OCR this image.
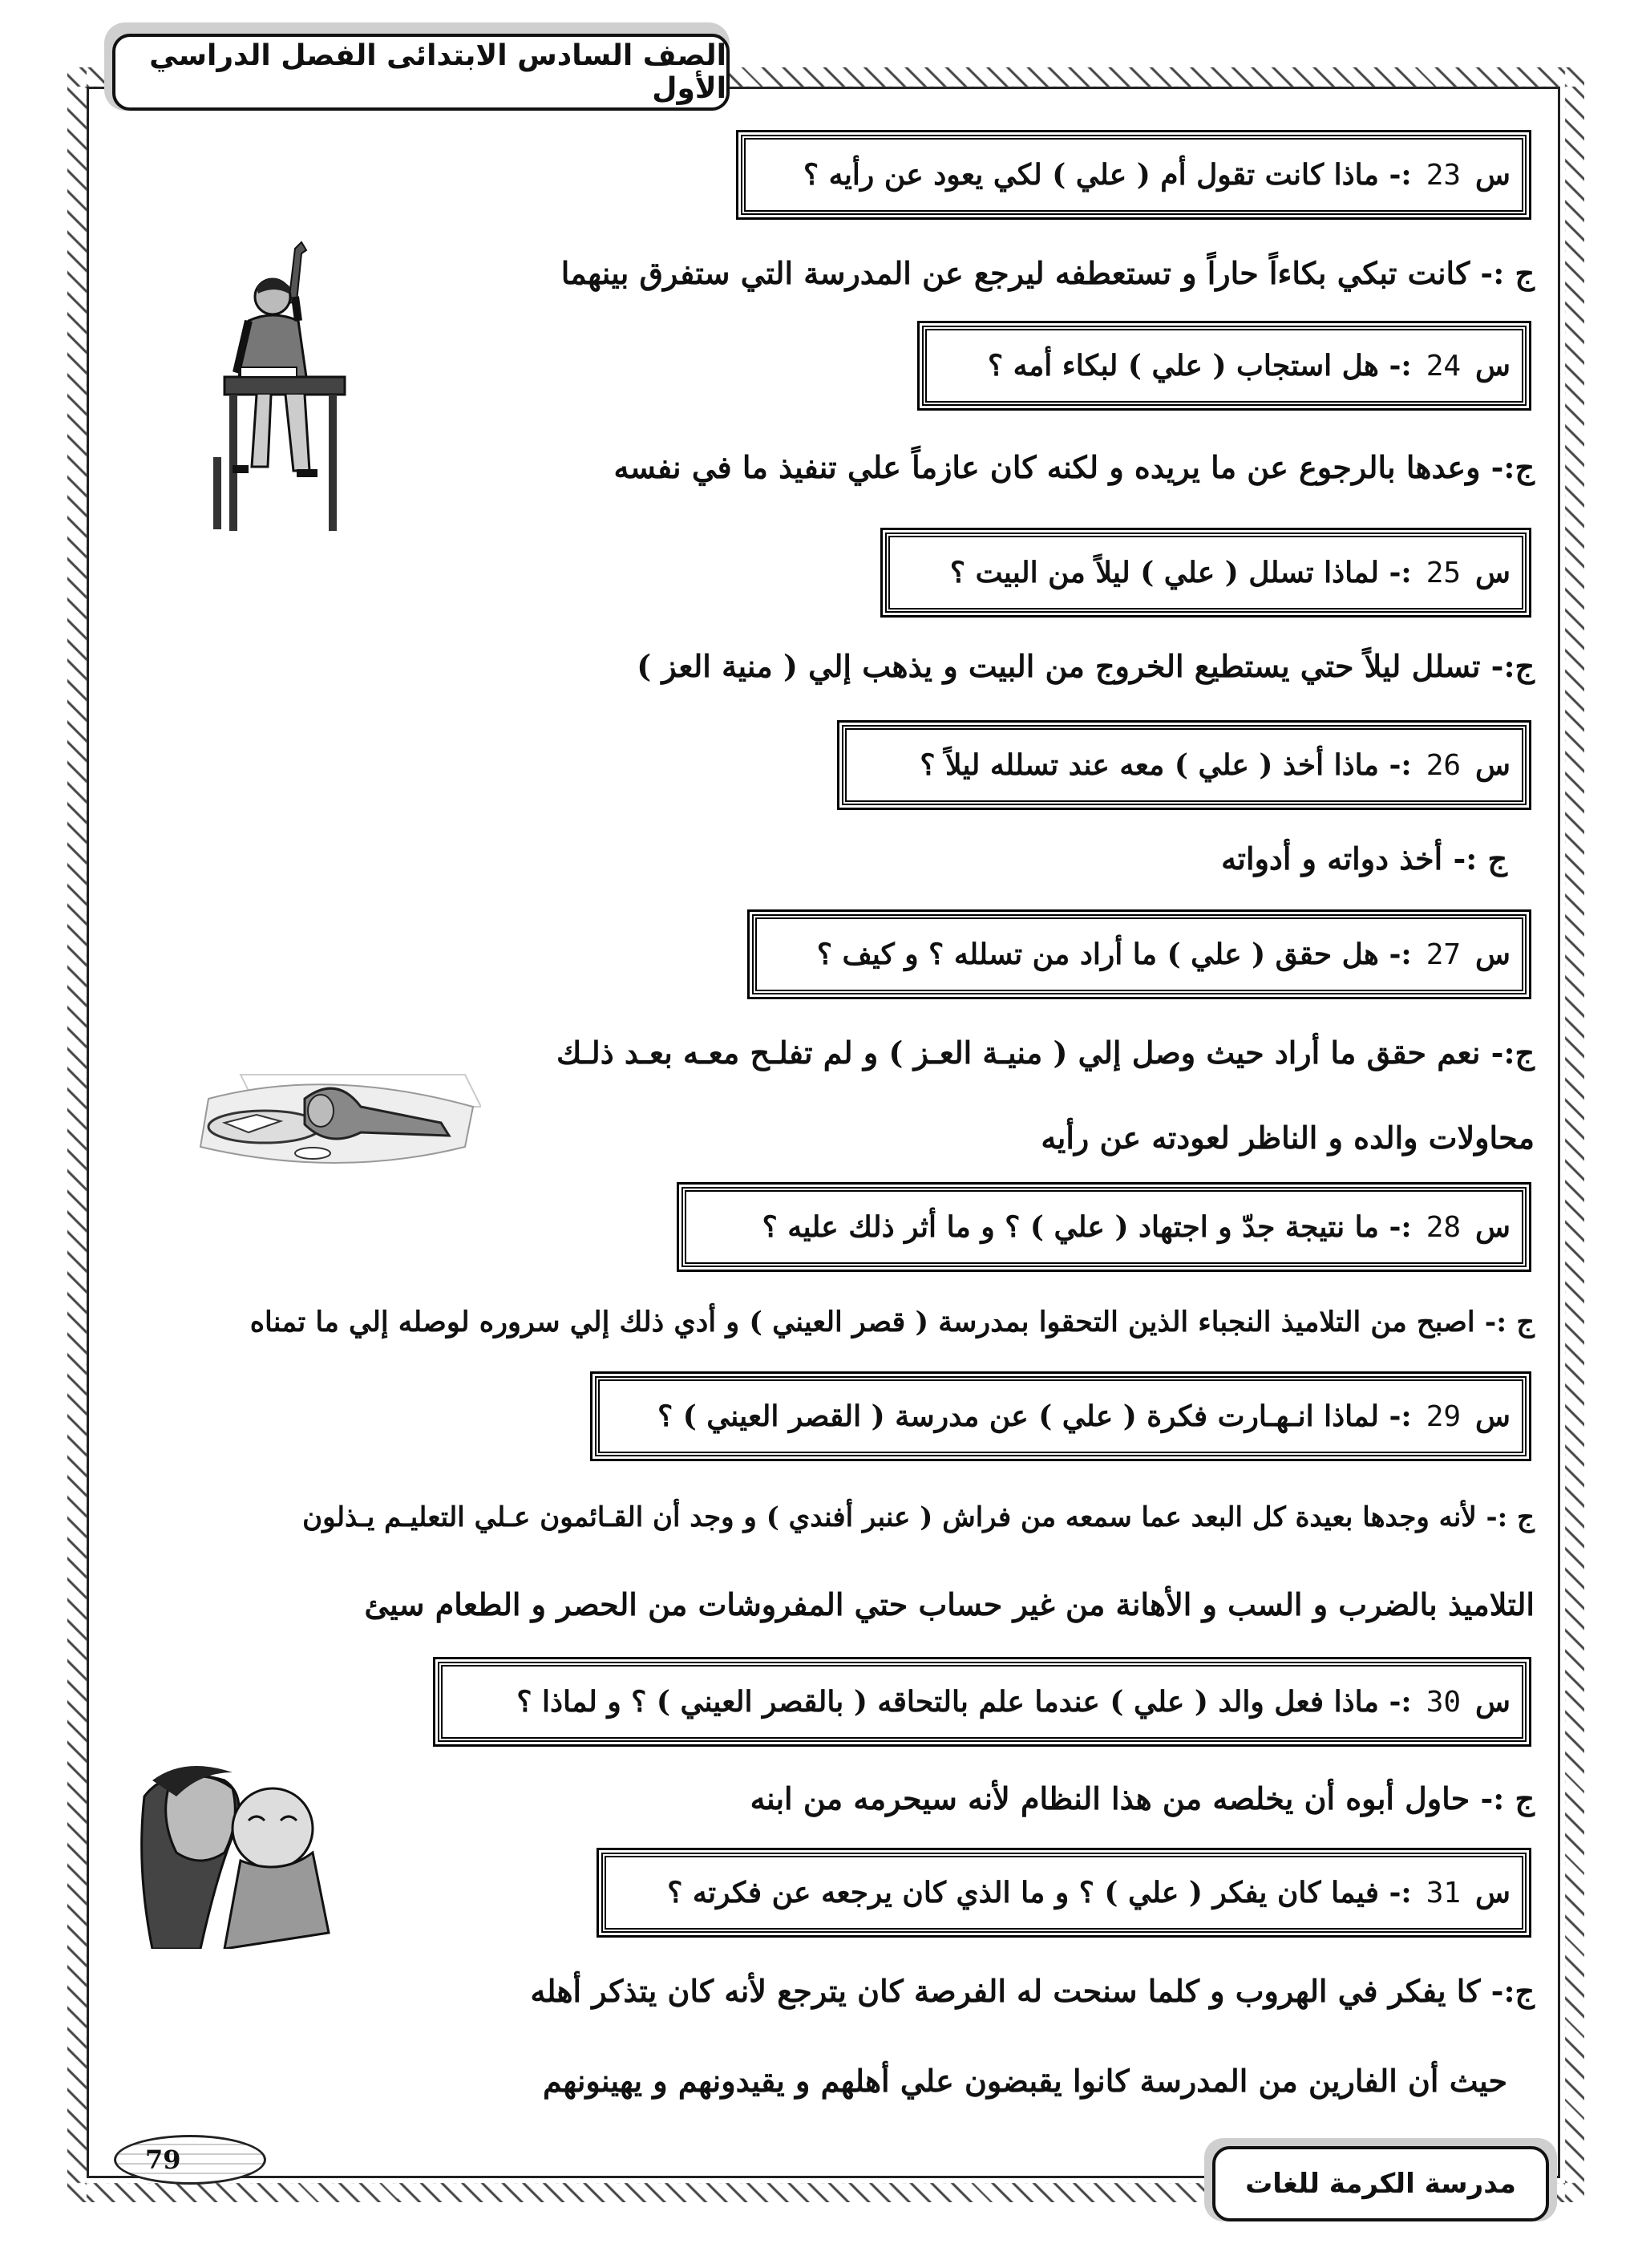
الصف السادس الابتدائى الفصل الدراسي الأول
س
23
:- ماذا كانت تقول أم ( علي ) لكي يعود عن رأيه ؟
ج :- كانت تبكي بكاءاً حاراً و تستعطفه ليرجع عن المدرسة التي ستفرق بينهما
س
24
:- هل استجاب ( علي ) لبكاء أمه ؟
ج:- وعدها بالرجوع عن ما يريده و لكنه كان عازماً علي تنفيذ ما في نفسه
س
25
:- لماذا تسلل ( علي ) ليلاً من البيت ؟
ج:- تسلل ليلاً حتي يستطيع الخروج من البيت و يذهب إلي ( منية العز )
س
26
:- ماذا أخذ ( علي ) معه عند تسلله ليلاً ؟
ج :- أخذ دواته و أدواته
س
27
:- هل حقق ( علي ) ما أراد من تسلله ؟ و كيف ؟
ج:- نعم حقق ما أراد حيث وصل إلي ( منيـة العـز ) و لم تفلـح معـه بعـد ذلـك
محاولات والده و الناظر لعودته عن رأيه
س
28
:- ما نتيجة جدّ و اجتهاد ( علي ) ؟ و ما أثر ذلك عليه ؟
ج :- اصبح من التلاميذ النجباء الذين التحقوا بمدرسة ( قصر العيني ) و أدي ذلك إلي سروره لوصله إلي ما تمناه
س
29
:- لماذا انـهـارت فكرة ( علي ) عن مدرسة ( القصر العيني ) ؟
ج :- لأنه وجدها بعيدة كل البعد عما سمعه من فراش ( عنبر أفندي ) و وجد أن القـائمون عـلي التعليـم يـذلون
التلاميذ بالضرب و السب و الأهانة من غير حساب حتي المفروشات من الحصر و الطعام سيئ
س
30
:- ماذا فعل والد ( علي ) عندما علم بالتحاقه ( بالقصر العيني ) ؟ و لماذا ؟
ج :- حاول أبوه أن يخلصه من هذا النظام لأنه سيحرمه من ابنه
س
31
:- فيما كان يفكر ( علي ) ؟ و ما الذي كان يرجعه عن فكرته ؟
ج:- كا يفكر في الهروب و كلما سنحت له الفرصة كان يترجع لأنه كان يتذكر أهله
حيث أن الفارين من المدرسة كانوا يقبضون علي أهلهم و يقيدونهم و يهينونهم
79
مدرسة الكرمة للغات
